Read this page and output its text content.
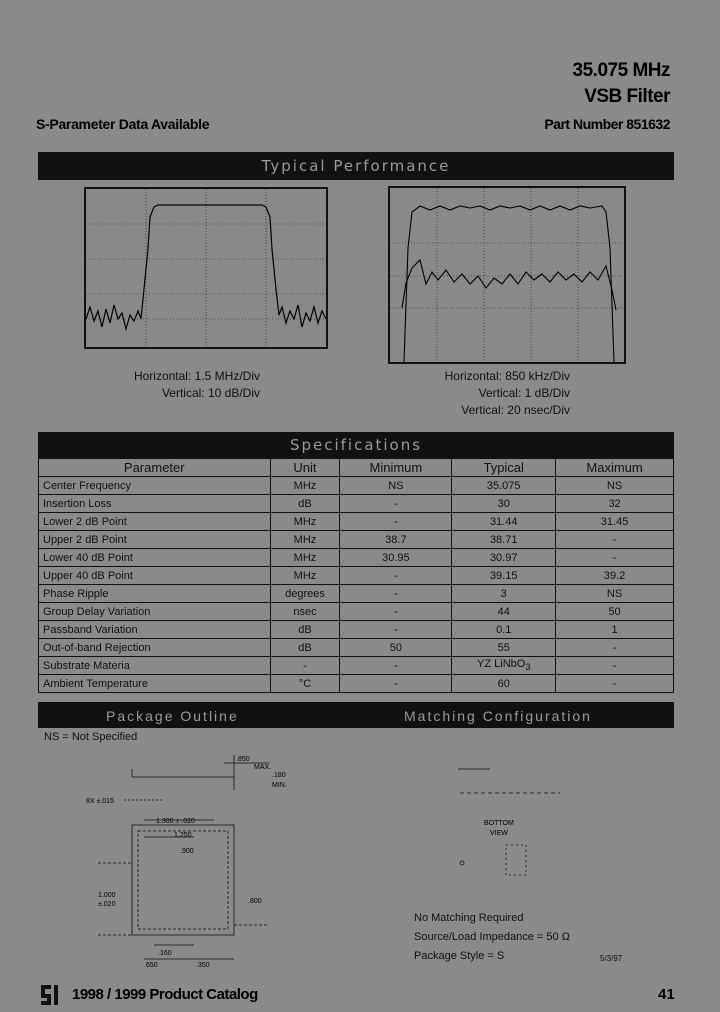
35.075 MHz
VSB Filter
Part Number 851632
S-Parameter Data Available
Typical Performance
Horizontal: 1.5 MHz/Div
Vertical: 10 dB/Div
Horizontal: 850 kHz/Div
Vertical: 1 dB/Div
Vertical: 20 nsec/Div
Specifications
Parameter	Unit	Minimum	Typical	Maximum
Center Frequency	MHz	NS	35.075	NS
Insertion Loss	dB	-	30	32
Lower 2 dB Point	MHz	-	31.44	31.45
Upper 2 dB Point	MHz	38.7	38.71	-
Lower 40 dB Point	MHz	30.95	30.97	-
Upper 40 dB Point	MHz	-	39.15	39.2
Phase Ripple	degrees	-	3	NS
Group Delay Variation	nsec	-	44	50
Passband Variation	dB	-	0.1	1
Out-of-band Rejection	dB	50	55	-
Substrate Materia	-	-	YZ LiNbO$_3$	-
Ambient Temperature	°C	-	60	-
Package Outline	Matching Configuration
NS = Not Specified
.850
MAX.
.180
MIN.
8X ±.015
1.300 ± .020
1.250
.900
1.000
±.020	.800
.160
.650	.350
BOTTOM
VIEW
No Matching Required
Source/Load Impedance = 50 Ω
Package Style = S	5/3/97
1998 / 1999 Product Catalog	41
